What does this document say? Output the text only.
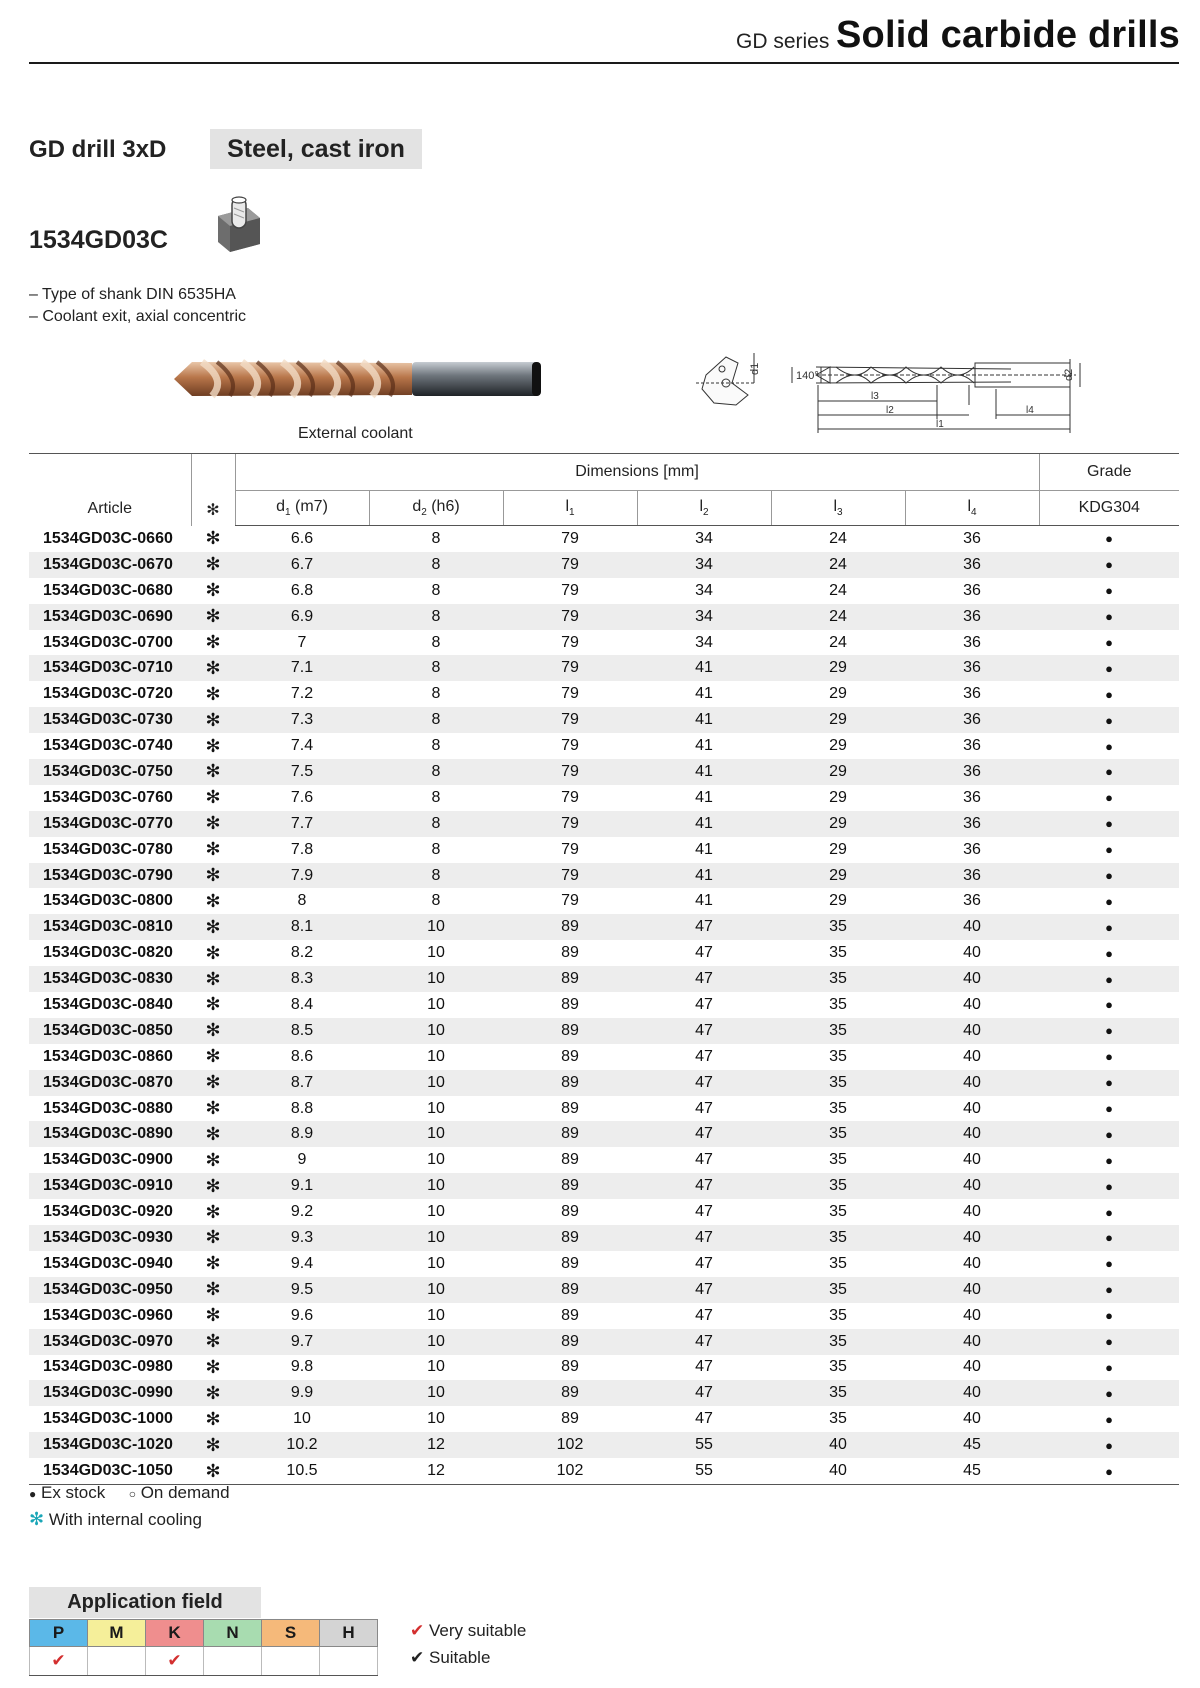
GD series Solid carbide drills
GD drill 3xD	Steel, cast iron
1534GD03C
– Type of shank DIN 6535HA
– Coolant exit, axial concentric
External coolant
d1
140°	d2
l3
l2	l4
l1
Article	✻	Dimensions [mm]						Grade
		$d_1$ (m7)	$d_2$ (h6)	$l_1$	$l_2$	$l_3$	$l_4$	KDG304
1534GD03C-0660	✻	6.6	8	79	34	24	36	●
1534GD03C-0670	✻	6.7	8	79	34	24	36	●
1534GD03C-0680	✻	6.8	8	79	34	24	36	●
1534GD03C-0690	✻	6.9	8	79	34	24	36	●
1534GD03C-0700	✻	7	8	79	34	24	36	●
1534GD03C-0710	✻	7.1	8	79	41	29	36	●
1534GD03C-0720	✻	7.2	8	79	41	29	36	●
1534GD03C-0730	✻	7.3	8	79	41	29	36	●
1534GD03C-0740	✻	7.4	8	79	41	29	36	●
1534GD03C-0750	✻	7.5	8	79	41	29	36	●
1534GD03C-0760	✻	7.6	8	79	41	29	36	●
1534GD03C-0770	✻	7.7	8	79	41	29	36	●
1534GD03C-0780	✻	7.8	8	79	41	29	36	●
1534GD03C-0790	✻	7.9	8	79	41	29	36	●
1534GD03C-0800	✻	8	8	79	41	29	36	●
1534GD03C-0810	✻	8.1	10	89	47	35	40	●
1534GD03C-0820	✻	8.2	10	89	47	35	40	●
1534GD03C-0830	✻	8.3	10	89	47	35	40	●
1534GD03C-0840	✻	8.4	10	89	47	35	40	●
1534GD03C-0850	✻	8.5	10	89	47	35	40	●
1534GD03C-0860	✻	8.6	10	89	47	35	40	●
1534GD03C-0870	✻	8.7	10	89	47	35	40	●
1534GD03C-0880	✻	8.8	10	89	47	35	40	●
1534GD03C-0890	✻	8.9	10	89	47	35	40	●
1534GD03C-0900	✻	9	10	89	47	35	40	●
1534GD03C-0910	✻	9.1	10	89	47	35	40	●
1534GD03C-0920	✻	9.2	10	89	47	35	40	●
1534GD03C-0930	✻	9.3	10	89	47	35	40	●
1534GD03C-0940	✻	9.4	10	89	47	35	40	●
1534GD03C-0950	✻	9.5	10	89	47	35	40	●
1534GD03C-0960	✻	9.6	10	89	47	35	40	●
1534GD03C-0970	✻	9.7	10	89	47	35	40	●
1534GD03C-0980	✻	9.8	10	89	47	35	40	●
1534GD03C-0990	✻	9.9	10	89	47	35	40	●
1534GD03C-1000	✻	10	10	89	47	35	40	●
1534GD03C-1020	✻	10.2	12	102	55	40	45	●
1534GD03C-1050	✻	10.5	12	102	55	40	45	●
● Ex stock ○ On demand
✻ With internal cooling
Application field
P	M	K	N	S	H
✔		✔			
✔ Very suitable
✔ Suitable
